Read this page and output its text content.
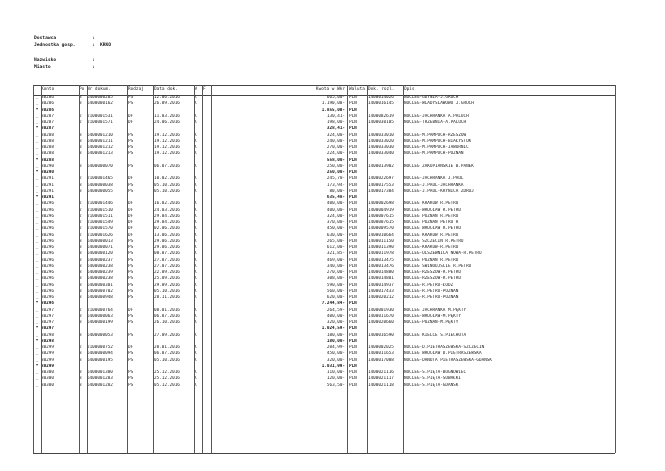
Dostawca	:
Jednostka gosp.	: KRKO
Nazwisko	:
Miasto	:
Konto	Po Nr dokum.	Rodzaj	Data dok.	W	F	Kwota w Wkr Waluta Dok. rozl.	Opis
_ 80286	8	6400000205	PS	12.06.2016	K	665,00- PLN	1400014026	NOCLEG-GDYNIA-J.GRUCH
_ 80286	8	6400000162	PS	26.09.2016	K	1.190,00- PLN	1400016145	NOCLEG-WLADYSLAWOWO J.GRUCH
* 80286	1.855,00- PLN
_ 80287	2	2100001531	DF	11.03.2016	K	130,41- PLN	1400082619	NOCLEG-JACHRANKA A.PALUCH
_ 80287	2	2100001571	DF	24.06.2016	K	198,00- PLN	1400030105	NOCLEG-TRZEBNIA-A.PALUCH
* 80287	328,41- PLN
_ 80288	8	6400001210	PS	19.12.2016	K	324,00- PLN	1400033010	NOCLEG-M.PAMPUCH-RZESZÓW
_ 80288	8	6400001211	PS	19.12.2016	K	240,00- PLN	1400033020	NOCLEG-M.PAMPUCH-BIAŁYSTOK
_ 80288	8	6400001212	PS	19.12.2016	K	270,00- PLN	1400033030	NOCLEG-M.PAMPUCH-JAWORNIC
_ 80288	8	6400001213	PS	19.12.2016	K	224,00- PLN	1400033040	NOCLEG-M.PAMPUCH-POZNAŃ
* 80288	558,00- PLN
_ 80290	8	6400000070	PS	06.07.2016	K	250,00- PLN	1400013902	NOCLEG ZAKOPIANSKIE B.PANEK
* 80290	250,00- PLN
_ 80291	2	2100001465	DF	10.02.2016	K	245,70- PLN	1400022697	NOCLEG-JACHRANKA J.PAUL
_ 80291	8	6400000038	PS	05.10.2016	K	173,94- PLN	1400017553	NOCLEG-J.PAUL-JACHRANKA
_ 80291	8	6400000055	PS	05.10.2016	K	80,00- PLN	1400017304	NOCLEG-J.PAUL-KRYNICA ZDRÓJ
* 80291	635,48- PLN
_ 80296	2	2100001446	DF	16.02.2016	K	400,00- PLN	1400002698	NOCLEG KRAKÓW R.PETRU
_ 80296	2	2100001510	DF	24.03.2016	K	400,00- PLN	1400004919	NOCLEG-WROCŁAW R.PETRU
_ 80296	2	2100001511	DF	29.04.2016	K	324,00- PLN	1400007615	NOCLEG POZNAŃ R.PETRU
_ 80296	2	2100001549	DF	29.04.2016	K	370,00- PLN	1400007615	NOCLEG POZNAŃ PETRU R
_ 80296	2	2100001570	DF	02.06.2016	K	450,00- PLN	1400009570	NOCLEG WROCŁAW R.PETRU
_ 80296	2	2100001626	DF	13.06.2016	K	630,00- PLN	1400010664	NOCLEG KRAKÓW R.PETRU
_ 80296	8	6400000013	PS	29.06.2016	K	265,00- PLN	1400011150	NOCLEG SZCZECIN R.PETRU
_ 80296	8	6400000071	PS	29.06.2016	K	612,00- PLN	1400011390	NOCLEG-KRAKÓW-R.PETRU
_ 80296	8	6400000120	PS	08.07.2016	K	321,85- PLN	1400011978	NOCLEG-OLSZEWNICA NOWA-R.PETRU
_ 80296	8	6400000237	PS	27.07.2016	K	469,00- PLN	1400013475	NOCLEG POZNAŃ R.PETRU
_ 80296	8	6400000238	PS	27.07.2016	K	340,00- PLN	1400013476	NOCLEG ŚWINOUJŚCIE R.PETRU
_ 80296	8	6400000239	PS	22.09.2016	K	270,00- PLN	1400014880	NOCLEG-RZESZÓW-R.PETRU
_ 80296	8	6400000238	PS	25.09.2016	K	308,00- PLN	1400014881	NOCLEG-RZESZÓW-R.PETRU
_ 80296	8	6400000301	PS	29.09.2016	K	590,00- PLN	1400014937	NOCLEG-R.PETRU-ŁÓDŹ
_ 80296	8	6400000702	PS	05.10.2016	K	560,00- PLN	1400017433	NOCLEG-R.PETRU-POZNAŃ
_ 80296	8	6400000948	PS	28.11.2016	K	620,00- PLN	1400020212	NOCLEG-R.PETRU-POZNAŃ
* 80296	7.244,84- PLN
_ 80297	2	2100000764	DF	08.01.2016	K	264,59- PLN	1400001930	NOCLEG JACHRANKA M.PĘKTY
_ 80297	8	6400000063	PS	06.07.2016	K	400,00- PLN	1400011670	NOCLEG-WROCŁAW-M.PĘKTY
_ 80297	8	6400000199	PS	26.10.2016	K	320,00- PLN	1400020660	NOCLEG-POZNAŃ-M.PĘKTY
* 80297	1.024,59- PLN
_ 80298	8	6400000053	PS	27.09.2016	K	180,00- PLN	1400016590	NOCLEG KIELCE S.PIECHOTA
* 80298	180,00- PLN
_ 80299	2	2100000752	DF	28.01.2016	K	204,99- PLN	1400002025	NOCLEG-D.PIETRASZEWSKA-SZCZECIN
_ 80299	8	6400000094	PS	06.07.2016	K	450,00- PLN	1400011653	NOCLEG WROCŁAW D.PIETRASZEWSKA
_ 80299	8	6400000195	PS	05.10.2016	K	320,00- PLN	1400017088	NOCLEG-DANUTA PIETRASZEWSKA-GDAŃSK
* 80299	1.031,99- PLN
_ 80300	8	6400001300	PS	25.12.2016	K	110,00- PLN	1400021116	NOCLEG-S.PIĘTA-BOGNOWIEC
_ 80300	8	6400001283	PS	25.12.2016	K	120,00- PLN	1400021117	NOCLEG-S.PIĘTA-SUWAŁKI
_ 80300	8	6400001282	PS	05.12.2016	K	563,50- PLN	1400021118	NOCLEG-S.PIĘTA-GDAŃSK
